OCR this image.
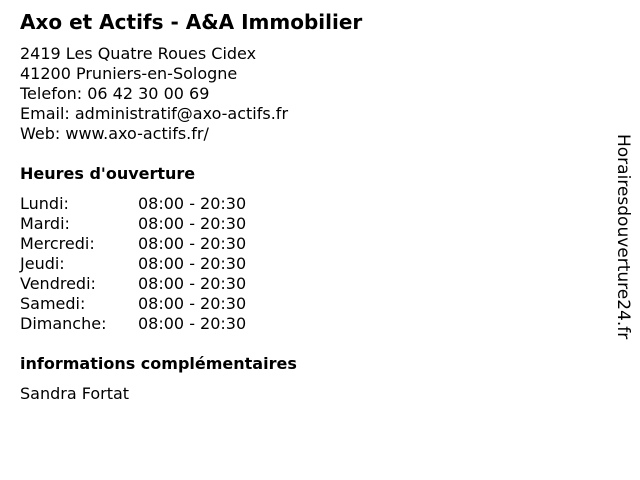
Axo et Actifs - A&A Immobilier
2419 Les Quatre Roues Cidex
41200 Pruniers-en-Sologne
Telefon: 06 42 30 00 69
Email: administratif@axo-actifs.fr
Web: www.axo-actifs.fr/
Heures d'ouverture
Lundi:	08:00 - 20:30
Mardi:	08:00 - 20:30
Mercredi:	08:00 - 20:30
Jeudi:	08:00 - 20:30
Vendredi:	08:00 - 20:30
Samedi:	08:00 - 20:30
Dimanche:	08:00 - 20:30
informations complémentaires
Sandra Fortat
Horairesdouverture24.fr
